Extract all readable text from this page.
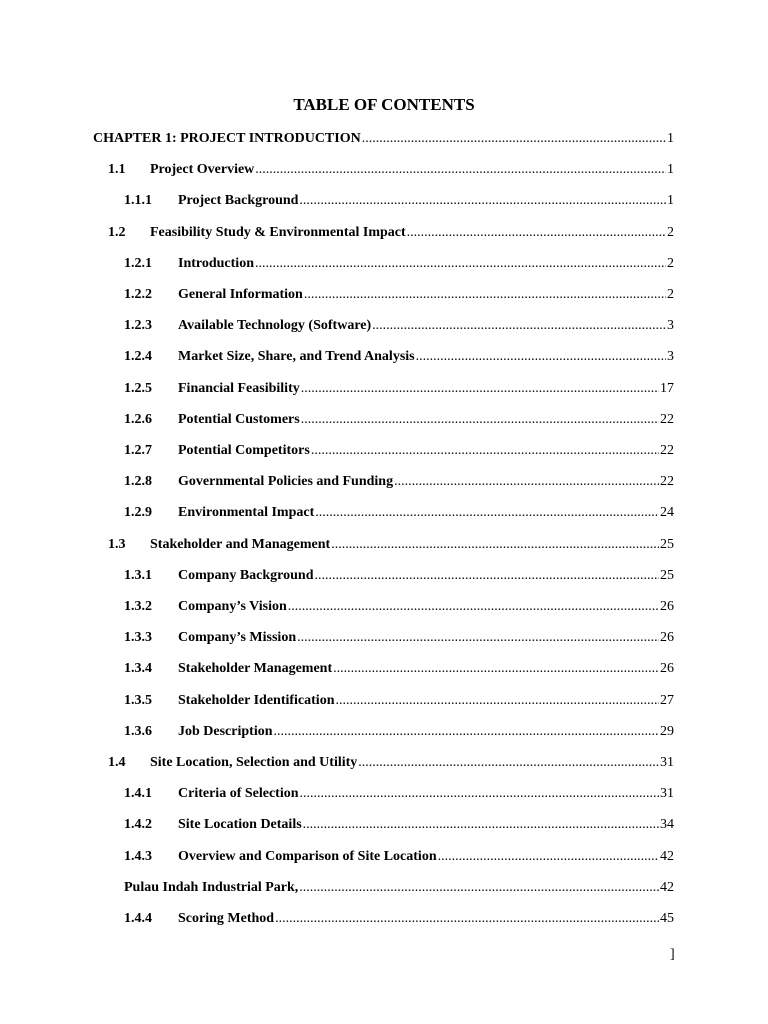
TABLE OF CONTENTS
CHAPTER 1: PROJECT INTRODUCTION .....	1
1.1	Project Overview .....	1
1.1.1	Project Background .....	1
1.2	Feasibility Study & Environmental Impact .....	2
1.2.1	Introduction .....	2
1.2.2	General Information .....	2
1.2.3	Available Technology (Software) .....	3
1.2.4	Market Size, Share, and Trend Analysis .....	3
1.2.5	Financial Feasibility .....	17
1.2.6	Potential Customers .....	22
1.2.7	Potential Competitors .....	22
1.2.8	Governmental Policies and Funding .....	22
1.2.9	Environmental Impact .....	24
1.3	Stakeholder and Management .....	25
1.3.1	Company Background .....	25
1.3.2	Company’s Vision .....	26
1.3.3	Company’s Mission .....	26
1.3.4	Stakeholder Management .....	26
1.3.5	Stakeholder Identification .....	27
1.3.6	Job Description .....	29
1.4	Site Location, Selection and Utility .....	31
1.4.1	Criteria of Selection .....	31
1.4.2	Site Location Details .....	34
1.4.3	Overview and Comparison of Site Location .....	42
Pulau Indah Industrial Park, .....	42
1.4.4	Scoring Method .....	45
]
